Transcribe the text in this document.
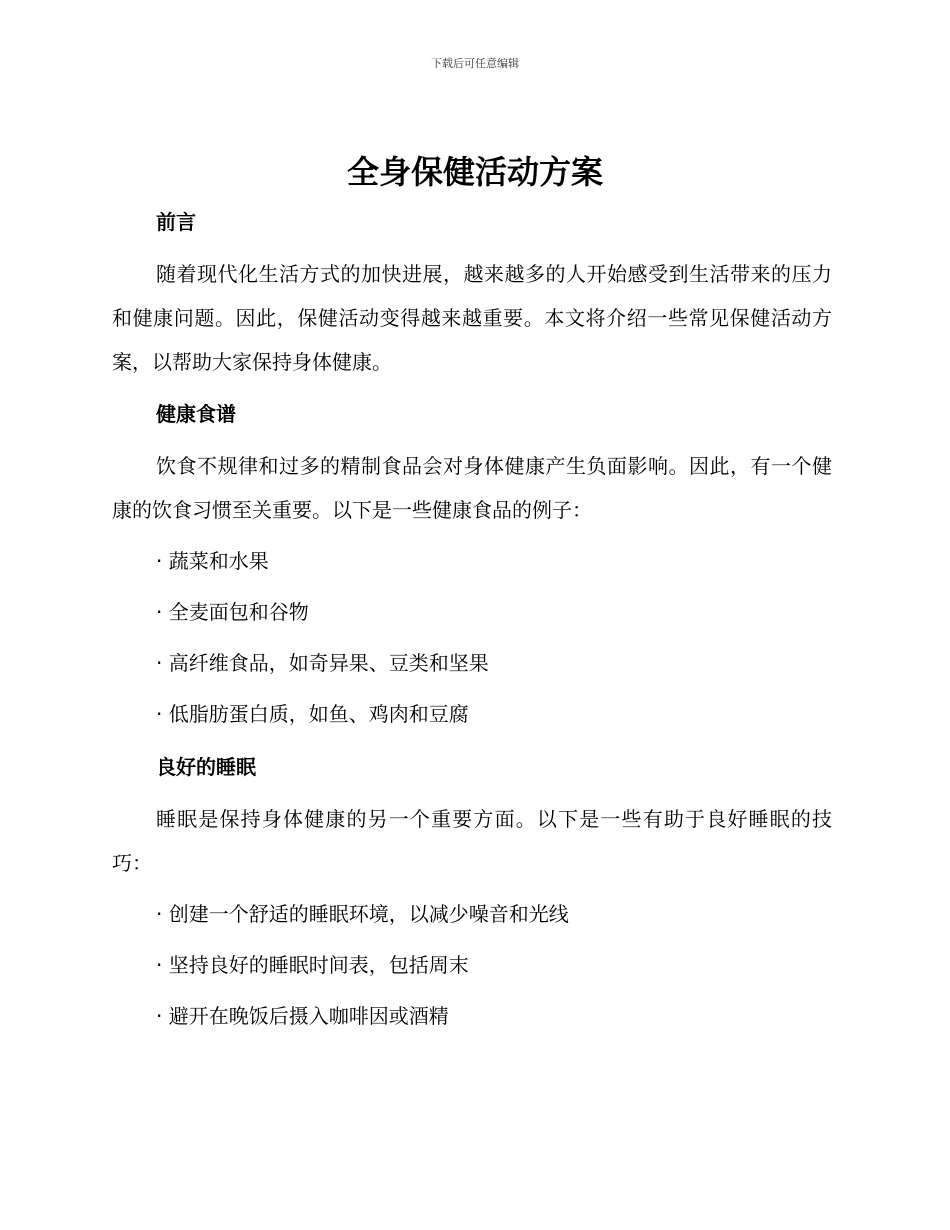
下载后可任意编辑
全身保健活动方案
前言

随着现代化生活方式的加快进展，越来越多的人开始感受到生活带来的压力和健康问题。因此，保健活动变得越来越重要。本文将介绍一些常见保健活动方案，以帮助大家保持身体健康。

健康食谱

饮食不规律和过多的精制食品会对身体健康产生负面影响。因此，有一个健康的饮食习惯至关重要。以下是一些健康食品的例子：

· 蔬菜和水果
· 全麦面包和谷物
· 高纤维食品，如奇异果、豆类和坚果
· 低脂肪蛋白质，如鱼、鸡肉和豆腐
良好的睡眠

睡眠是保持身体健康的另一个重要方面。以下是一些有助于良好睡眠的技巧：

· 创建一个舒适的睡眠环境，以减少噪音和光线
· 坚持良好的睡眠时间表，包括周末
· 避开在晚饭后摄入咖啡因或酒精
